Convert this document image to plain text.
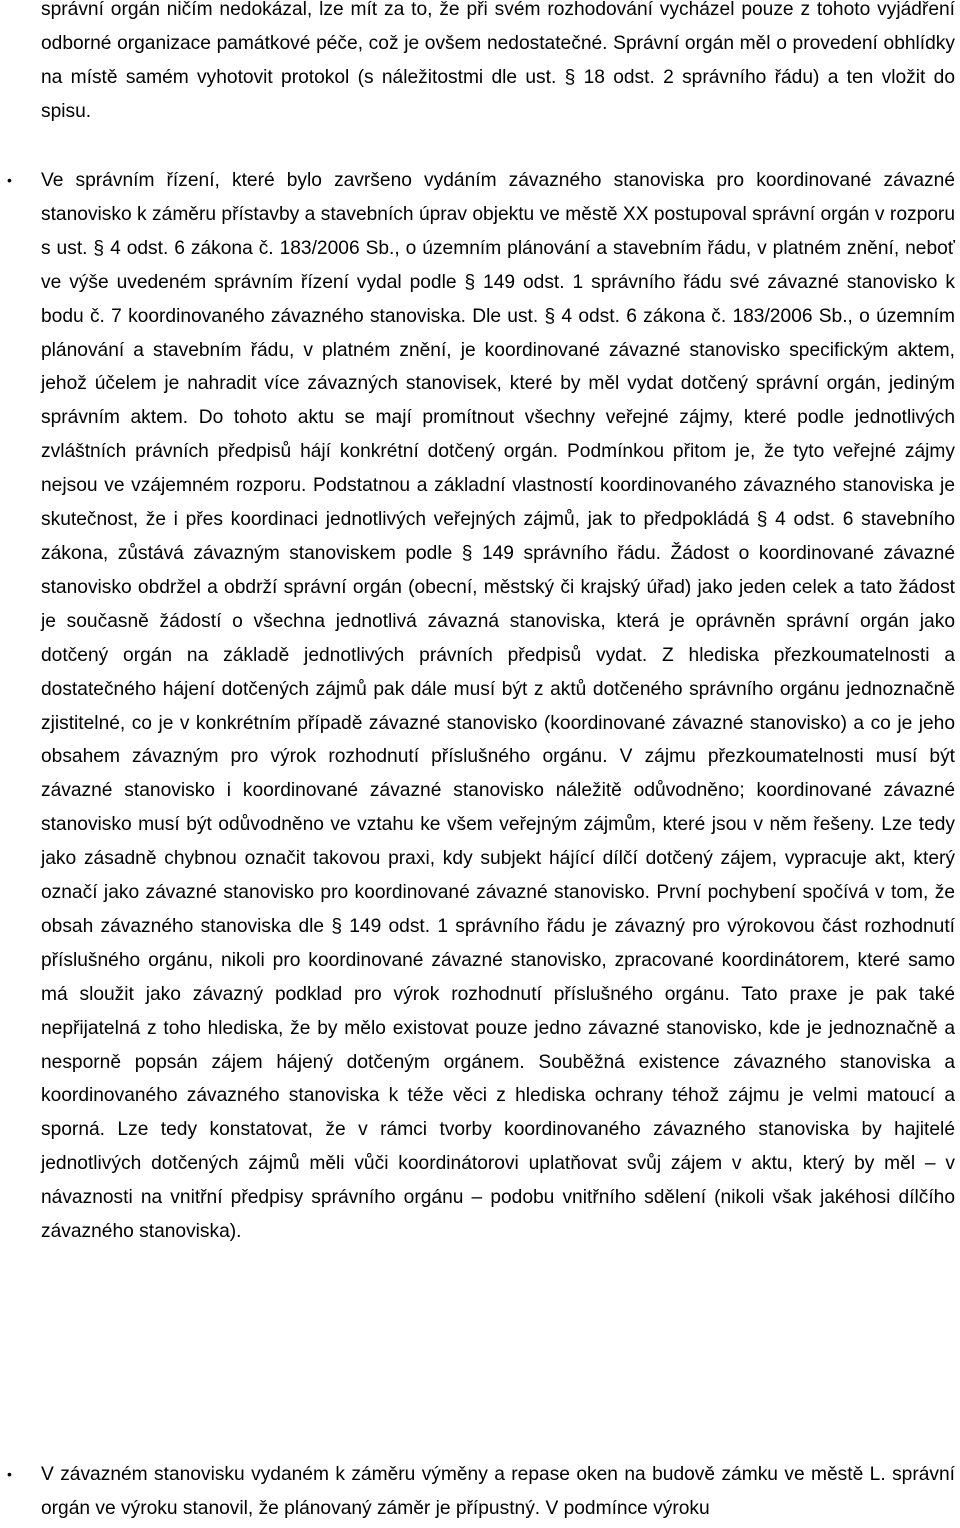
správní orgán ničím nedokázal, lze mít za to, že při svém rozhodování vycházel pouze z tohoto vyjádření odborné organizace památkové péče, což je ovšem nedostatečné. Správní orgán měl o provedení obhlídky na místě samém vyhotovit protokol (s náležitostmi dle ust. § 18 odst. 2 správního řádu) a ten vložit do spisu.

• Ve správním řízení, které bylo završeno vydáním závazného stanoviska pro koordinované závazné stanovisko k záměru přístavby a stavebních úprav objektu ve městě XX postupoval správní orgán v rozporu s ust. § 4 odst. 6 zákona č. 183/2006 Sb., o územním plánování a stavebním řádu, v platném znění, neboť ve výše uvedeném správním řízení vydal podle § 149 odst. 1 správního řádu své závazné stanovisko k bodu č. 7 koordinovaného závazného stanoviska. Dle ust. § 4 odst. 6 zákona č. 183/2006 Sb., o územním plánování a stavebním řádu, v platném znění, je koordinované závazné stanovisko specifickým aktem, jehož účelem je nahradit více závazných stanovisek, které by měl vydat dotčený správní orgán, jediným správním aktem. Do tohoto aktu se mají promítnout všechny veřejné zájmy, které podle jednotlivých zvláštních právních předpisů hájí konkrétní dotčený orgán. Podmínkou přitom je, že tyto veřejné zájmy nejsou ve vzájemném rozporu. Podstatnou a základní vlastností koordinovaného závazného stanoviska je skutečnost, že i přes koordinaci jednotlivých veřejných zájmů, jak to předpokládá § 4 odst. 6 stavebního zákona, zůstává závazným stanoviskem podle § 149 správního řádu. Žádost o koordinované závazné stanovisko obdržel a obdrží správní orgán (obecní, městský či krajský úřad) jako jeden celek a tato žádost je současně žádostí o všechna jednotlivá závazná stanoviska, která je oprávněn správní orgán jako dotčený orgán na základě jednotlivých právních předpisů vydat. Z hlediska přezkoumatelnosti a dostatečného hájení dotčených zájmů pak dále musí být z aktů dotčeného správního orgánu jednoznačně zjistitelné, co je v konkrétním případě závazné stanovisko (koordinované závazné stanovisko) a co je jeho obsahem závazným pro výrok rozhodnutí příslušného orgánu. V zájmu přezkoumatelnosti musí být závazné stanovisko i koordinované závazné stanovisko náležitě odůvodněno; koordinované závazné stanovisko musí být odůvodněno ve vztahu ke všem veřejným zájmům, které jsou v něm řešeny. Lze tedy jako zásadně chybnou označit takovou praxi, kdy subjekt hájící dílčí dotčený zájem, vypracuje akt, který označí jako závazné stanovisko pro koordinované závazné stanovisko. První pochybení spočívá v tom, že obsah závazného stanoviska dle § 149 odst. 1 správního řádu je závazný pro výrokovou část rozhodnutí příslušného orgánu, nikoli pro koordinované závazné stanovisko, zpracované koordinátorem, které samo má sloužit jako závazný podklad pro výrok rozhodnutí příslušného orgánu. Tato praxe je pak také nepřijatelná z toho hlediska, že by mělo existovat pouze jedno závazné stanovisko, kde je jednoznačně a nesporně popsán zájem hájený dotčeným orgánem. Souběžná existence závazného stanoviska a koordinovaného závazného stanoviska k téže věci z hlediska ochrany téhož zájmu je velmi matoucí a sporná. Lze tedy konstatovat, že v rámci tvorby koordinovaného závazného stanoviska by hajitelé jednotlivých dotčených zájmů měli vůči koordinátorovi uplatňovat svůj zájem v aktu, který by měl – v návaznosti na vnitřní předpisy správního orgánu – podobu vnitřního sdělení (nikoli však jakéhosi dílčího závazného stanoviska).

• V závazném stanovisku vydaném k záměru výměny a repase oken na budově zámku ve městě L. správní orgán ve výroku stanovil, že plánovaný záměr je přípustný. V podmínce výroku
